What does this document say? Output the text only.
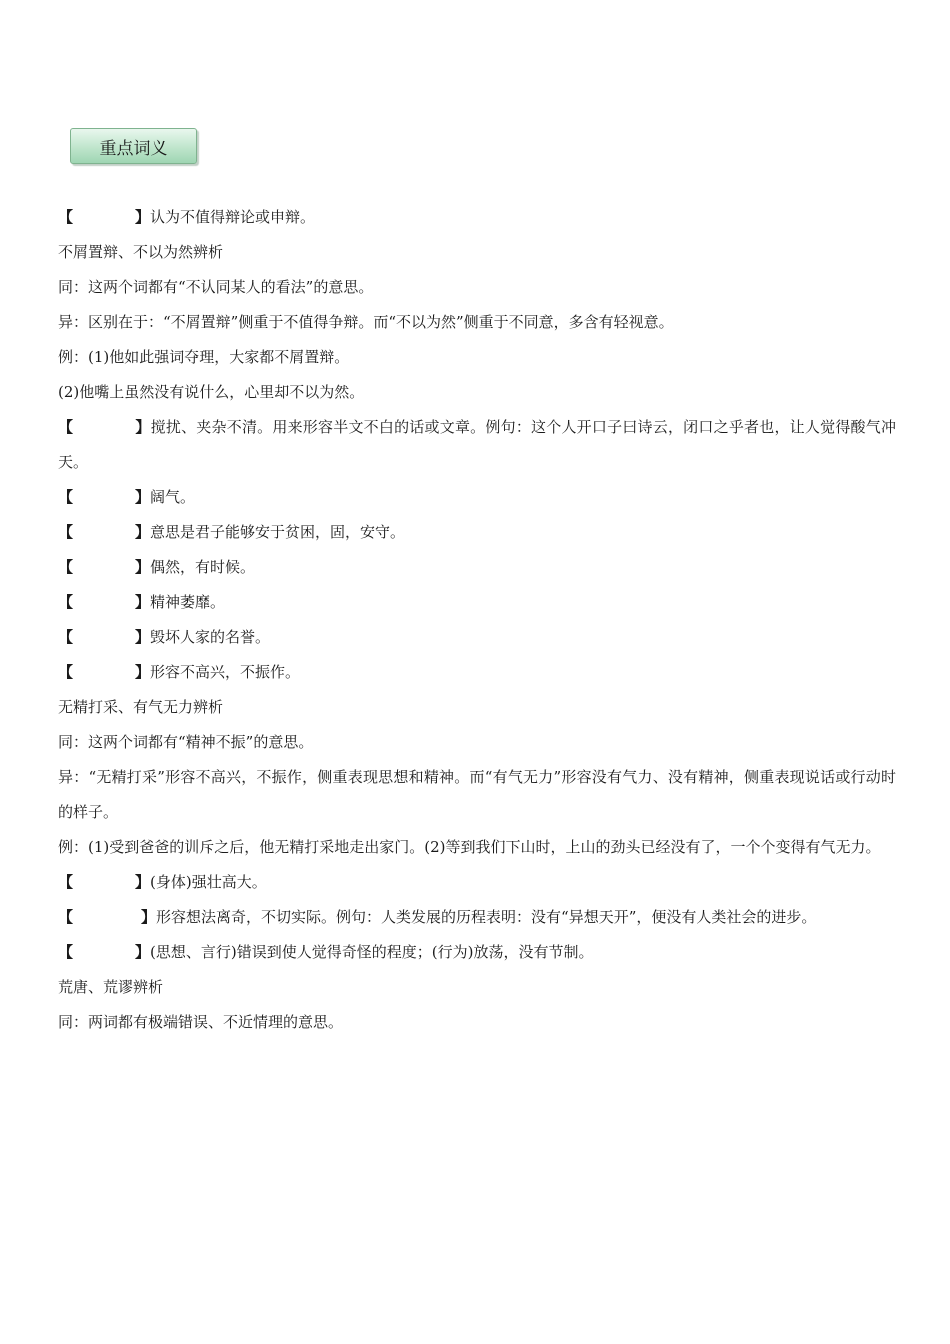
重点词义

【	】认为不值得辩论或申辩。

不屑置辩、不以为然辨析

同：这两个词都有“不认同某人的看法”的意思。

异：区别在于：“不屑置辩”侧重于不值得争辩。而“不以为然”侧重于不同意，多含有轻视意。

例：(1)他如此强词夺理，大家都不屑置辩。

(2)他嘴上虽然没有说什么，心里却不以为然。

【	】搅扰、夹杂不清。用来形容半文不白的话或文章。例句：这个人开口子曰诗云，闭口之乎者也，让人觉得酸气冲天。

【	】阔气。

【	】意思是君子能够安于贫困，固，安守。

【	】偶然，有时候。

【	】精神萎靡。

【	】毁坏人家的名誉。

【	】形容不高兴，不振作。

无精打采、有气无力辨析

同：这两个词都有“精神不振”的意思。

异：“无精打采”形容不高兴，不振作，侧重表现思想和精神。而“有气无力”形容没有气力、没有精神，侧重表现说话或行动时的样子。

例：(1)受到爸爸的训斥之后，他无精打采地走出家门。(2)等到我们下山时，上山的劲头已经没有了，一个个变得有气无力。

【	】(身体)强壮高大。

【	】形容想法离奇，不切实际。例句：人类发展的历程表明：没有“异想天开”，便没有人类社会的进步。

【	】(思想、言行)错误到使人觉得奇怪的程度；(行为)放荡，没有节制。

荒唐、荒谬辨析

同：两词都有极端错误、不近情理的意思。
